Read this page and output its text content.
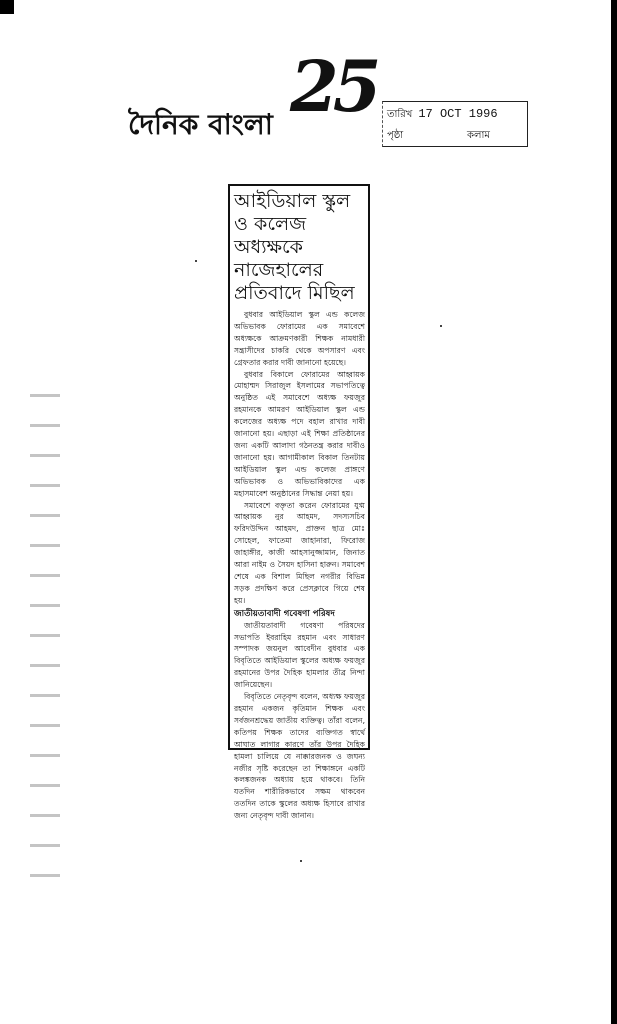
দৈনিক বাংলা 25 তারিখ 17 OCT 1996
পৃষ্ঠা	কলাম
আইডিয়াল স্কুল ও কলেজ অধ্যক্ষকে নাজেহালের প্রতিবাদে মিছিল

বুধবার আইডিয়াল স্কুল এন্ড কলেজ অভিভাবক ফোরামের এক সমাবেশে অধ্যক্ষকে আক্রমণকারী শিক্ষক নামধারী সন্ত্রাসীদের চাকরি থেকে অপসারণ এবং গ্রেফতার করার দাবী জানানো হয়েছে।

বুধবার বিকালে ফোরামের আহ্বায়ক মোহাম্মদ সিরাজুল ইসলামের সভাপতিত্বে অনুষ্ঠিত এই সমাবেশে অধ্যক্ষ ফয়জুর রহমানকে আমরণ আইডিয়াল স্কুল এন্ড কলেজের অধ্যক্ষ পদে বহাল রাখার দাবী জানানো হয়। এছাড়া এই শিক্ষা প্রতিষ্ঠানের জন্য একটি আলাদা গঠনতন্ত্র করার দাবীও জানানো হয়। আগামীকাল বিকাল তিনটায় আইডিয়াল স্কুল এন্ড কলেজ প্রাঙ্গণে অভিভাবক ও অভিভাবিকাদের এক মহাসমাবেশ অনুষ্ঠানের সিদ্ধান্ত নেয়া হয়।

সমাবেশে বক্তৃতা করেন ফোরামের যুগ্ম আহ্বায়ক নুর আহমদ, সদস্যসচিব ফরিদউদ্দিন আহমদ, প্রাক্তন ছাত্র মোঃ সোহেল, ফাতেমা জাহানারা, ফিরোজ জাহাঙ্গীর, কাজী আহসানুজ্জামান, জিনাত আরা নাইম ও সৈয়দ হাসিনা হারুন। সমাবেশ শেষে এক বিশাল মিছিল নগরীর বিভিন্ন সড়ক প্রদক্ষিণ করে প্রেসক্লাবে গিয়ে শেষ হয়।

জাতীয়তাবাদী গবেষণা পরিষদ

জাতীয়তাবাদী গবেষণা পরিষদের সভাপতি ইবরাহিম রহমান এবং সাধারণ সম্পাদক জয়নুল আবেদীন বুধবার এক বিবৃতিতে আইডিয়াল স্কুলের অধ্যক্ষ ফয়জুর রহমানের উপর দৈহিক হামলার তীব্র নিন্দা জানিয়েছেন।

বিবৃতিতে নেতৃবৃন্দ বলেন, অধ্যক্ষ ফয়জুর রহমান একজন কৃতিমান শিক্ষক এবং সর্বজনশ্রদ্ধেয় জাতীয় ব্যক্তিত্ব। তাঁরা বলেন, কতিপয় শিক্ষক তাদের ব্যক্তিগত স্বার্থে আঘাত লাগার কারণে তাঁর উপর দৈহিক হামলা চালিয়ে যে নাক্কারজনক ও জঘন্য নজীর সৃষ্টি করেছেন তা শিক্ষাঙ্গনে একটি কলঙ্কজনক অধ্যায় হয়ে থাকবে। তিনি যতদিন শারীরিকভাবে সক্ষম থাকবেন ততদিন তাকে স্কুলের অধ্যক্ষ হিসাবে রাখার জন্য নেতৃবৃন্দ দাবী জানান।
